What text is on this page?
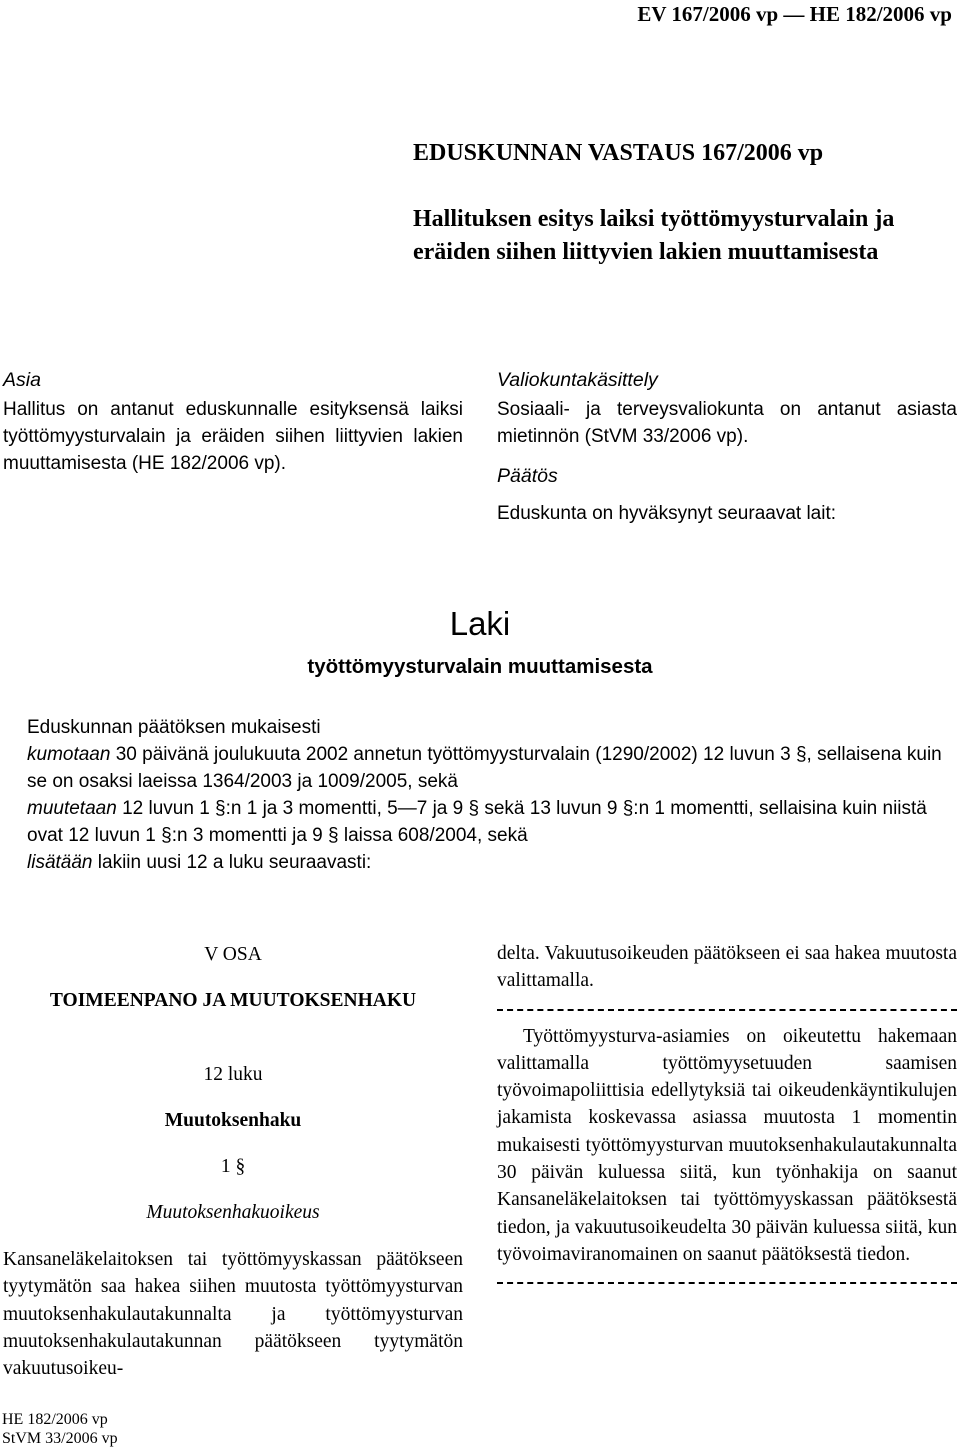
EV 167/2006 vp — HE 182/2006 vp
EDUSKUNNAN VASTAUS 167/2006 vp
Hallituksen esitys laiksi työttömyysturvalain ja eräiden siihen liittyvien lakien muuttamisesta
Asia
Hallitus on antanut eduskunnalle esityksensä laiksi työttömyysturvalain ja eräiden siihen liittyvien lakien muuttamisesta (HE 182/2006 vp).
Valiokuntakäsittely
Sosiaali- ja terveysvaliokunta on antanut asiasta mietinnön (StVM 33/2006 vp).
Päätös
Eduskunta on hyväksynyt seuraavat lait:
Laki
työttömyysturvalain muuttamisesta

Eduskunnan päätöksen mukaisesti

kumotaan 30 päivänä joulukuuta 2002 annetun työttömyysturvalain (1290/2002) 12 luvun 3 §, sellaisena kuin se on osaksi laeissa 1364/2003 ja 1009/2005, sekä

muutetaan 12 luvun 1 §:n 1 ja 3 momentti, 5—7 ja 9 § sekä 13 luvun 9 §:n 1 momentti, sellaisina kuin niistä ovat 12 luvun 1 §:n 3 momentti ja 9 § laissa 608/2004, sekä

lisätään lakiin uusi 12 a luku seuraavasti:

V OSA
TOIMEENPANO JA MUUTOKSENHAKU
12 luku
Muutoksenhaku
1 §
Muutoksenhakuoikeus
Kansaneläkelaitoksen tai työttömyyskassan päätökseen tyytymätön saa hakea siihen muutosta työttömyysturvan muutoksenhakulautakunnalta ja työttömyysturvan muutoksenhakulautakunnan päätökseen tyytymätön vakuutusoikeu-

delta. Vakuutusoikeuden päätökseen ei saa hakea muutosta valittamalla.

Työttömyysturva-asiamies on oikeutettu hakemaan valittamalla työttömyysetuuden saamisen työvoimapoliittisia edellytyksiä tai oikeudenkäyntikulujen jakamista koskevassa asiassa muutosta 1 momentin mukaisesti työttömyysturvan muutoksenhakulautakunnalta 30 päivän kuluessa siitä, kun työnhakija on saanut Kansaneläkelaitoksen tai työttömyyskassan päätöksestä tiedon, ja vakuutusoikeudelta 30 päivän kuluessa siitä, kun työvoimaviranomainen on saanut päätöksestä tiedon.

HE 182/2006 vp
StVM 33/2006 vp
